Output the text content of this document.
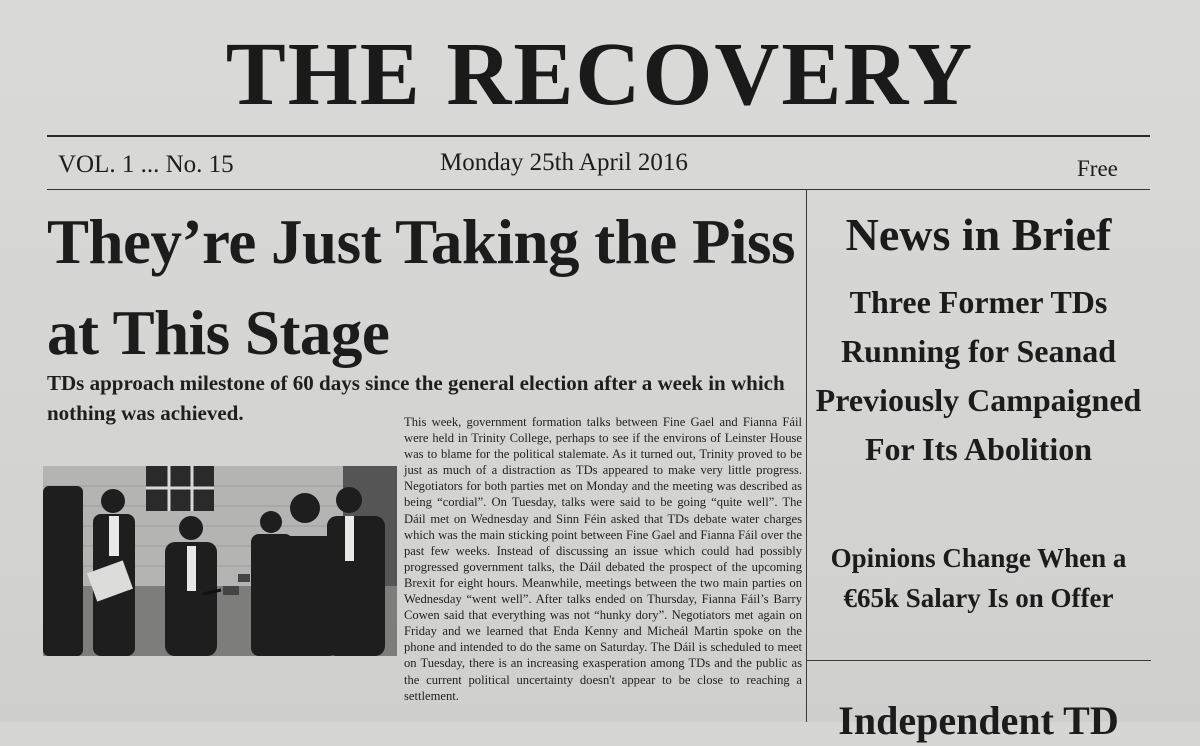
THE RECOVERY
VOL. 1 ... No. 15	Monday 25th April 2016	Free
They’re Just Taking the Piss at This Stage
TDs approach milestone of 60 days since the general election after a week in which nothing was achieved.	This week, government formation talks between Fine Gael and Fianna Fáil were held in Trinity College, perhaps to see if the environs of Leinster House was to blame for the political stalemate. As it turned out, Trinity proved to be just as much of a distraction as TDs appeared to make very little progress. Negotiators for both parties met on Monday and the meeting was described as being “cordial”. On Tuesday, talks were said to be going “quite well”. The Dáil met on Wednesday and Sinn Féin asked that TDs debate water charges which was the main sticking point between Fine Gael and Fianna Fáil over the past few weeks. Instead of discussing an issue which could had possibly progressed government talks, the Dáil debated the prospect of the upcoming Brexit for eight hours. Meanwhile, meetings between the two main parties on Wednesday “went well”. After talks ended on Thursday, Fianna Fáil’s Barry Cowen said that everything was not “hunky dory”. Negotiators met again on Friday and we learned that Enda Kenny and Micheál Martin spoke on the phone and intended to do the same on Saturday. The Dáil is scheduled to meet on Tuesday, there is an increasing exasperation among TDs and the public as the current political uncertainty doesn't appear to be close to reaching a settlement.
News in Brief
Three Former TDs Running for Seanad Previously Campaigned For Its Abolition
Opinions Change When a €65k Salary Is on Offer
Independent TD
